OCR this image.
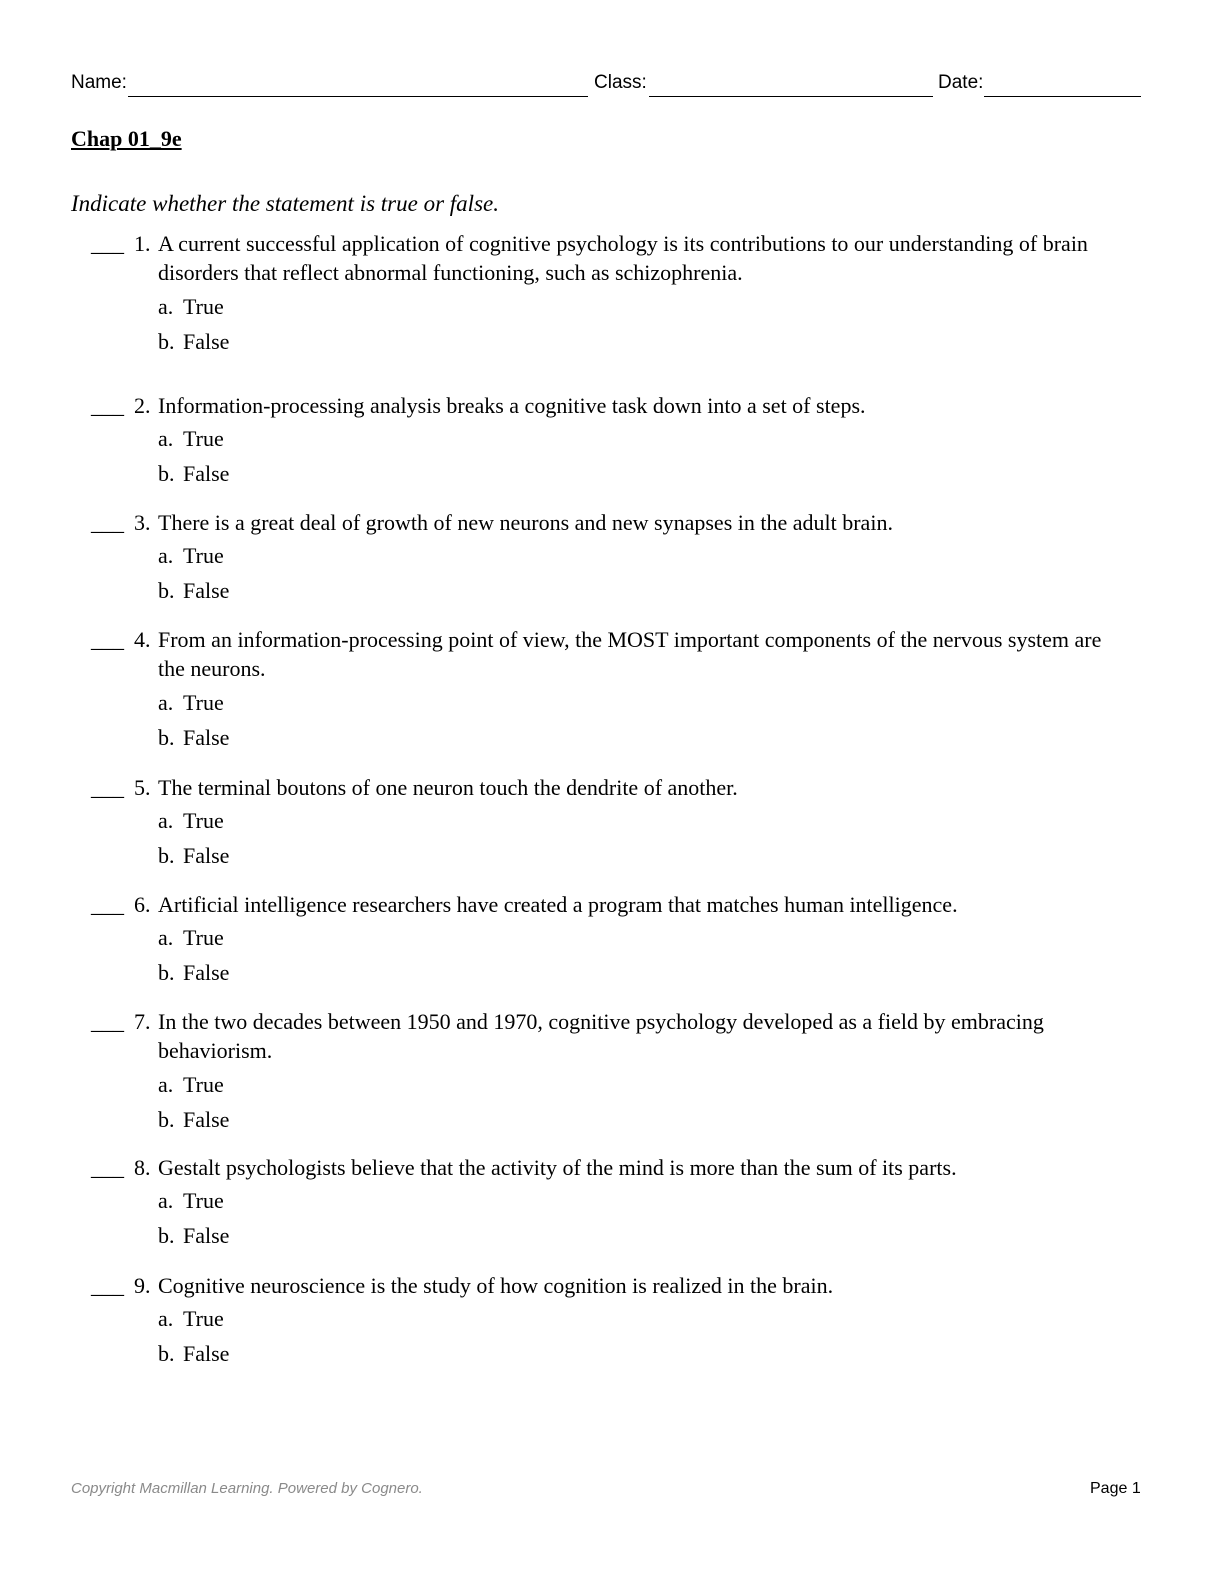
Name:	Class:	Date:
Chap 01_9e
Indicate whether the statement is true or false.
___ 1. A current successful application of cognitive psychology is its contributions to our understanding of brain disorders that reflect abnormal functioning, such as schizophrenia.
a. True
b. False
___ 2. Information-processing analysis breaks a cognitive task down into a set of steps.
a. True
b. False
___ 3. There is a great deal of growth of new neurons and new synapses in the adult brain.
a. True
b. False
___ 4. From an information-processing point of view, the MOST important components of the nervous system are the neurons.
a. True
b. False
___ 5. The terminal boutons of one neuron touch the dendrite of another.
a. True
b. False
___ 6. Artificial intelligence researchers have created a program that matches human intelligence.
a. True
b. False
___ 7. In the two decades between 1950 and 1970, cognitive psychology developed as a field by embracing behaviorism.
a. True
b. False
___ 8. Gestalt psychologists believe that the activity of the mind is more than the sum of its parts.
a. True
b. False
___ 9. Cognitive neuroscience is the study of how cognition is realized in the brain.
a. True
b. False
Copyright Macmillan Learning. Powered by Cognero.	Page 1
